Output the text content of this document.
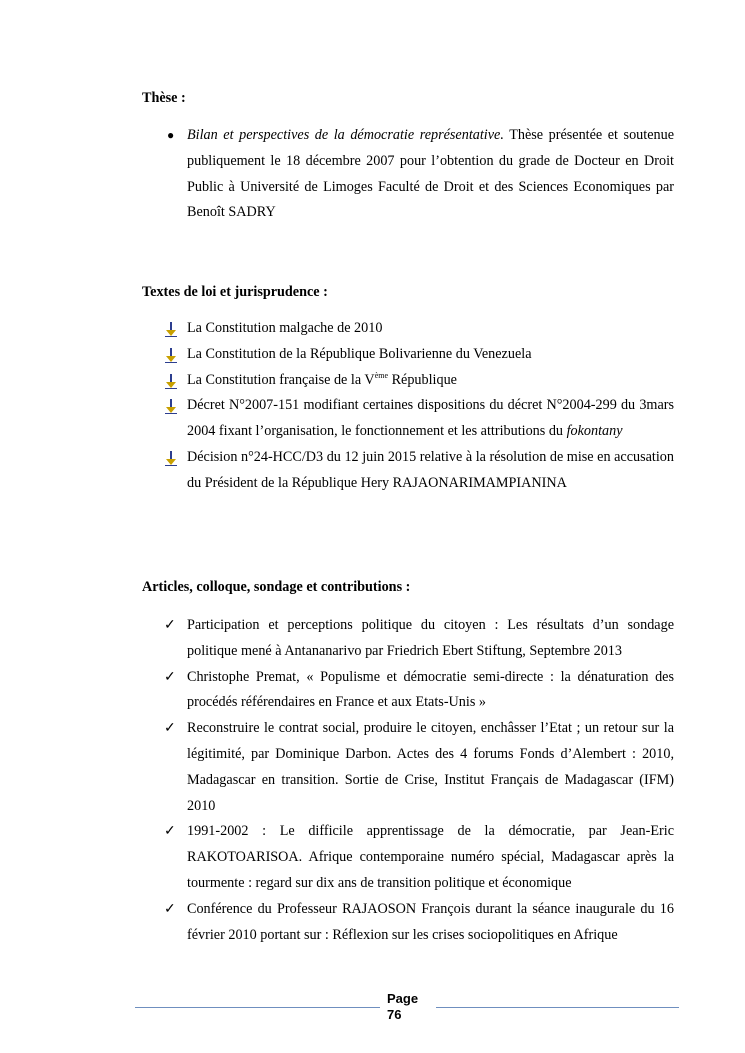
Thèse :
● Bilan et perspectives de la démocratie représentative. Thèse présentée et soutenue publiquement le 18 décembre 2007 pour l’obtention du grade de Docteur en Droit Public à Université de Limoges Faculté de Droit et des Sciences Economiques par Benoît SADRY
Textes de loi et jurisprudence :
La Constitution malgache de 2010
La Constitution de la République Bolivarienne du Venezuela
La Constitution française de la Vème République
Décret N°2007-151 modifiant certaines dispositions du décret N°2004-299 du 3mars 2004 fixant l’organisation, le fonctionnement et les attributions du fokontany
Décision n°24-HCC/D3 du 12 juin 2015 relative à la résolution de mise en accusation du Président de la République Hery RAJAONARIMAMPIANINA
Articles, colloque, sondage et contributions :
✓ Participation et perceptions politique du citoyen : Les résultats d’un sondage politique mené à Antananarivo par Friedrich Ebert Stiftung, Septembre 2013
✓ Christophe Premat, « Populisme et démocratie semi-directe : la dénaturation des procédés référendaires en France et aux Etats-Unis »
✓ Reconstruire le contrat social, produire le citoyen, enchâsser l’Etat ; un retour sur la légitimité, par Dominique Darbon. Actes des 4 forums Fonds d’Alembert : 2010, Madagascar en transition. Sortie de Crise, Institut Français de Madagascar (IFM) 2010
✓ 1991-2002 : Le difficile apprentissage de la démocratie, par Jean-Eric RAKOTOARISOA. Afrique contemporaine numéro spécial, Madagascar après la tourmente : regard sur dix ans de transition politique et économique
✓ Conférence du Professeur RAJAOSON François durant la séance inaugurale du 16 février 2010 portant sur : Réflexion sur les crises sociopolitiques en Afrique
Page
76
